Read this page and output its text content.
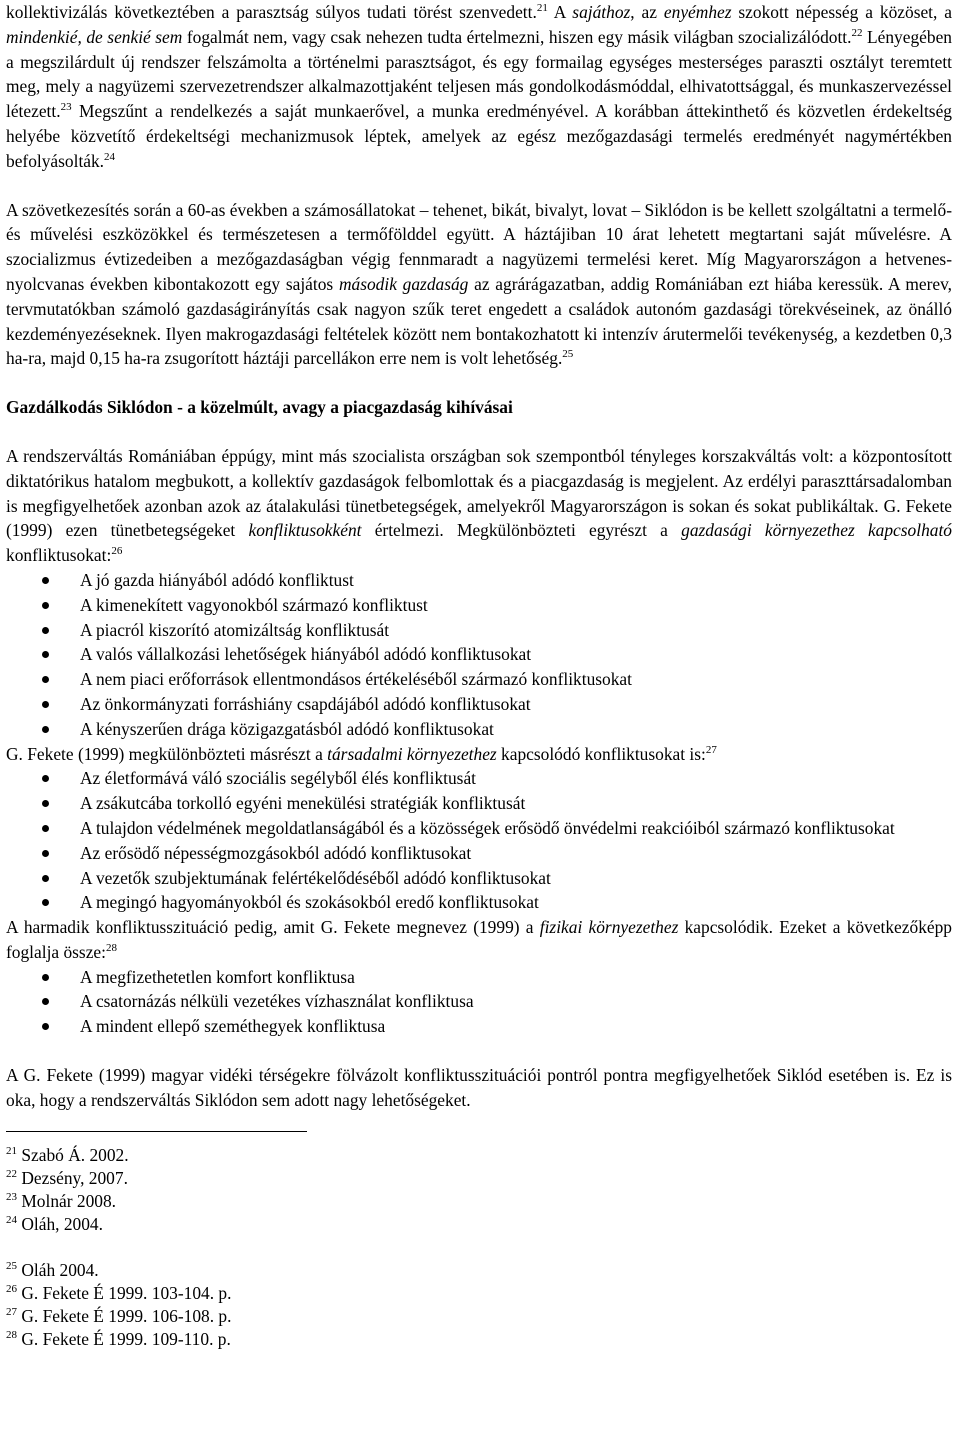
kollektivizálás következtében a parasztság súlyos tudati törést szenvedett.$^{21}$ A sajáthoz, az enyémhez szokott népesség a közöset, a mindenkié, de senkié sem fogalmát nem, vagy csak nehezen tudta értelmezni, hiszen egy másik világban szocializálódott.$^{22}$ Lényegében a megszilárdult új rendszer felszámolta a történelmi parasztságot, és egy formailag egységes mesterséges paraszti osztályt teremtett meg, mely a nagyüzemi szervezetrendszer alkalmazottjaként teljesen más gondolkodásmóddal, elhivatottsággal, és munkaszervezéssel létezett.$^{23}$ Megszűnt a rendelkezés a saját munkaerővel, a munka eredményével. A korábban áttekinthető és közvetlen érdekeltség helyébe közvetítő érdekeltségi mechanizmusok léptek, amelyek az egész mezőgazdasági termelés eredményét nagymértékben befolyásolták.$^{24}$

A szövetkezesítés során a 60-as években a számosállatokat – tehenet, bikát, bivalyt, lovat – Siklódon is be kellett szolgáltatni a termelő- és művelési eszközökkel és természetesen a termőfölddel együtt. A háztájiban 10 árat lehetett megtartani saját művelésre. A szocializmus évtizedeiben a mezőgazdaságban végig fennmaradt a nagyüzemi termelési keret. Míg Magyarországon a hetvenes-nyolcvanas években kibontakozott egy sajátos második gazdaság az agrárágazatban, addig Romániában ezt hiába keressük. A merev, tervmutatókban számoló gazdaságirányítás csak nagyon szűk teret engedett a családok autonóm gazdasági törekvéseinek, az önálló kezdeményezéseknek. Ilyen makrogazdasági feltételek között nem bontakozhatott ki intenzív árutermelői tevékenység, a kezdetben 0,3 ha-ra, majd 0,15 ha-ra zsugorított háztáji parcellákon erre nem is volt lehetőség.$^{25}$

Gazdálkodás Siklódon - a közelmúlt, avagy a piacgazdaság kihívásai

A rendszerváltás Romániában éppúgy, mint más szocialista országban sok szempontból tényleges korszakváltás volt: a központosított diktatórikus hatalom megbukott, a kollektív gazdaságok felbomlottak és a piacgazdaság is megjelent. Az erdélyi paraszttársadalomban is megfigyelhetőek azonban azok az átalakulási tünetbetegségek, amelyekről Magyarországon is sokan és sokat publikáltak. G. Fekete (1999) ezen tünetbetegségeket konfliktusokként értelmezi. Megkülönbözteti egyrészt a gazdasági környezethez kapcsolható konfliktusokat:$^{26}$

A jó gazda hiányából adódó konfliktust
A kimenekített vagyonokból származó konfliktust
A piacról kiszorító atomizáltság konfliktusát
A valós vállalkozási lehetőségek hiányából adódó konfliktusokat
A nem piaci erőforrások ellentmondásos értékeléséből származó konfliktusokat
Az önkormányzati forráshiány csapdájából adódó konfliktusokat
A kényszerűen drága közigazgatásból adódó konfliktusokat

G. Fekete (1999) megkülönbözteti másrészt a társadalmi környezethez kapcsolódó konfliktusokat is:$^{27}$

Az életformává váló szociális segélyből élés konfliktusát
A zsákutcába torkolló egyéni menekülési stratégiák konfliktusát
A tulajdon védelmének megoldatlanságából és a közösségek erősödő önvédelmi reakcióiból származó konfliktusokat
Az erősödő népességmozgásokból adódó konfliktusokat
A vezetők szubjektumának felértékelődéséből adódó konfliktusokat
A megingó hagyományokból és szokásokból eredő konfliktusokat

A harmadik konfliktusszituáció pedig, amit G. Fekete megnevez (1999) a fizikai környezethez kapcsolódik. Ezeket a következőképp foglalja össze:$^{28}$

A megfizethetetlen komfort konfliktusa
A csatornázás nélküli vezetékes vízhasználat konfliktusa
A mindent ellepő szeméthegyek konfliktusa

A G. Fekete (1999) magyar vidéki térségekre fölvázolt konfliktusszituációi pontról pontra megfigyelhetőek Siklód esetében is. Ez is oka, hogy a rendszerváltás Siklódon sem adott nagy lehetőségeket.

$^{21}$ Szabó Á. 2002.

$^{22}$ Dezsény, 2007.

$^{23}$ Molnár 2008.

$^{24}$ Oláh, 2004.

$^{25}$ Oláh 2004.

$^{26}$ G. Fekete É 1999. 103-104. p.

$^{27}$ G. Fekete É 1999. 106-108. p.

$^{28}$ G. Fekete É 1999. 109-110. p.
